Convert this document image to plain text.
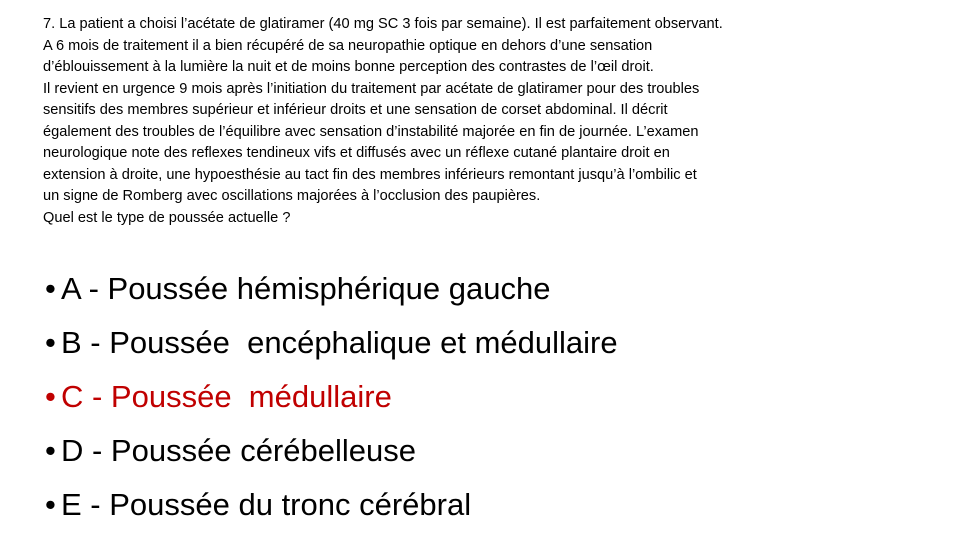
7. La patient a choisi l’acétate de glatiramer (40 mg SC 3 fois par semaine). Il est parfaitement observant.
A 6 mois de traitement il a bien récupéré de sa neuropathie optique en dehors d’une sensation
d’éblouissement à la lumière la nuit et de moins bonne perception des contrastes de l’œil droit.
Il revient en urgence 9 mois après l’initiation du traitement par acétate de glatiramer pour des troubles
sensitifs des membres supérieur et inférieur droits et une sensation de corset abdominal. Il décrit
également des troubles de l’équilibre avec sensation d’instabilité majorée en fin de journée. L’examen
neurologique note des reflexes tendineux vifs et diffusés avec un réflexe cutané plantaire droit en
extension à droite, une hypoesthésie au tact fin des membres inférieurs remontant jusqu’à l’ombilic et
un signe de Romberg avec oscillations majorées à l’occlusion des paupières.
Quel est le type de poussée actuelle ?
• A - Poussée hémisphérique gauche
• B - Poussée  encéphalique et médullaire
• C - Poussée  médullaire
• D - Poussée cérébelleuse
• E - Poussée du tronc cérébral
